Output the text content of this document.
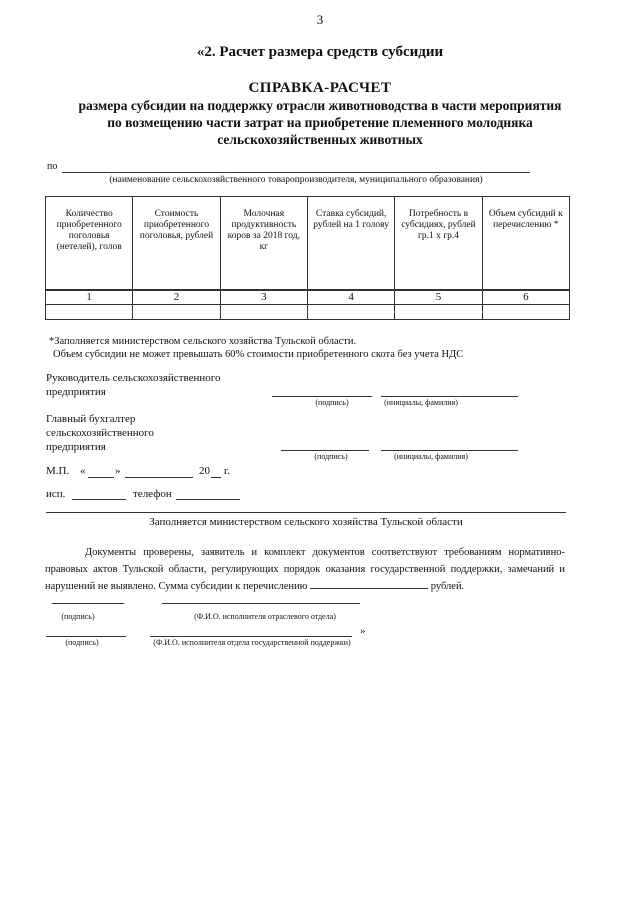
3
«2. Расчет размера средств субсидии
СПРАВКА-РАСЧЕТ
размера субсидии на поддержку отрасли животноводства в части мероприятия
по возмещению части затрат на приобретение племенного молодняка
сельскохозяйственных животных
по
(наименование сельскохозяйственного товаропроизводителя, муниципального образования)
Количество приобретенного поголовья (нетелей), голов	Стоимость приобретенного поголовья, рублей	Молочная продуктивность коров за 2018 год, кг	Ставка субсидий, рублей на 1 голову	Потребность в субсидиях, рублей гр.1 х гр.4	Объем субсидий к перечислению *
1	2	3	4	5	6

*Заполняется министерством сельского хозяйства Тульской области.
Объем субсидии не может превышать 60% стоимости приобретенного скота без учета НДС
Руководитель сельскохозяйственного
предприятия
(подпись)	(инициалы, фамилия)
Главный бухгалтер
сельскохозяйственного
предприятия
(подпись)	(инициалы, фамилия)
М.П. «	»	20 г.
исп.	телефон
Заполняется министерством сельского хозяйства Тульской области
Документы проверены, заявитель и комплект документов соответствуют требованиям нормативно-правовых актов Тульской области, регулирующих порядок оказания государственной поддержки, замечаний и нарушений не выявлено. Сумма субсидии к перечислению	рублей.
(подпись)	(Ф.И.О. исполнителя отраслевого отдела)
»
(подпись)	(Ф.И.О. исполнителя отдела государственной поддержки)
